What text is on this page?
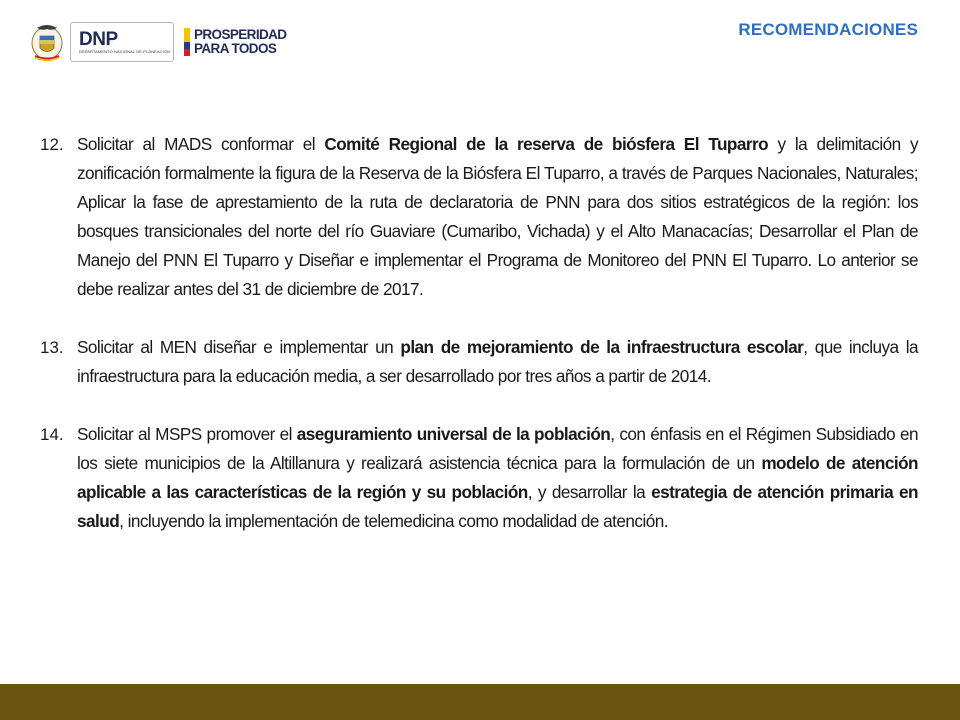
DNP
DEPARTAMENTO NACIONAL DE PLANEACIÓN
PROSPERIDAD
PARA TODOS
RECOMENDACIONES
12. Solicitar al MADS conformar el Comité Regional de la reserva de biósfera El Tuparro y la delimitación y zonificación formalmente la figura de la Reserva de la Biósfera El Tuparro, a través de Parques Nacionales, Naturales; Aplicar la fase de aprestamiento de la ruta de declaratoria de PNN para dos sitios estratégicos de la región: los bosques transicionales del norte del río Guaviare (Cumaribo, Vichada) y el Alto Manacacías; Desarrollar el Plan de Manejo del PNN El Tuparro y Diseñar e implementar el Programa de Monitoreo del PNN El Tuparro. Lo anterior se debe realizar antes del 31 de diciembre de 2017.

13. Solicitar al MEN diseñar e implementar un plan de mejoramiento de la infraestructura escolar, que incluya la infraestructura para la educación media, a ser desarrollado por tres años a partir de 2014.

14. Solicitar al MSPS promover el aseguramiento universal de la población, con énfasis en el Régimen Subsidiado en los siete municipios de la Altillanura y realizará asistencia técnica para la formulación de un modelo de atención aplicable a las características de la región y su población, y desarrollar la estrategia de atención primaria en salud, incluyendo la implementación de telemedicina como modalidad de atención.
